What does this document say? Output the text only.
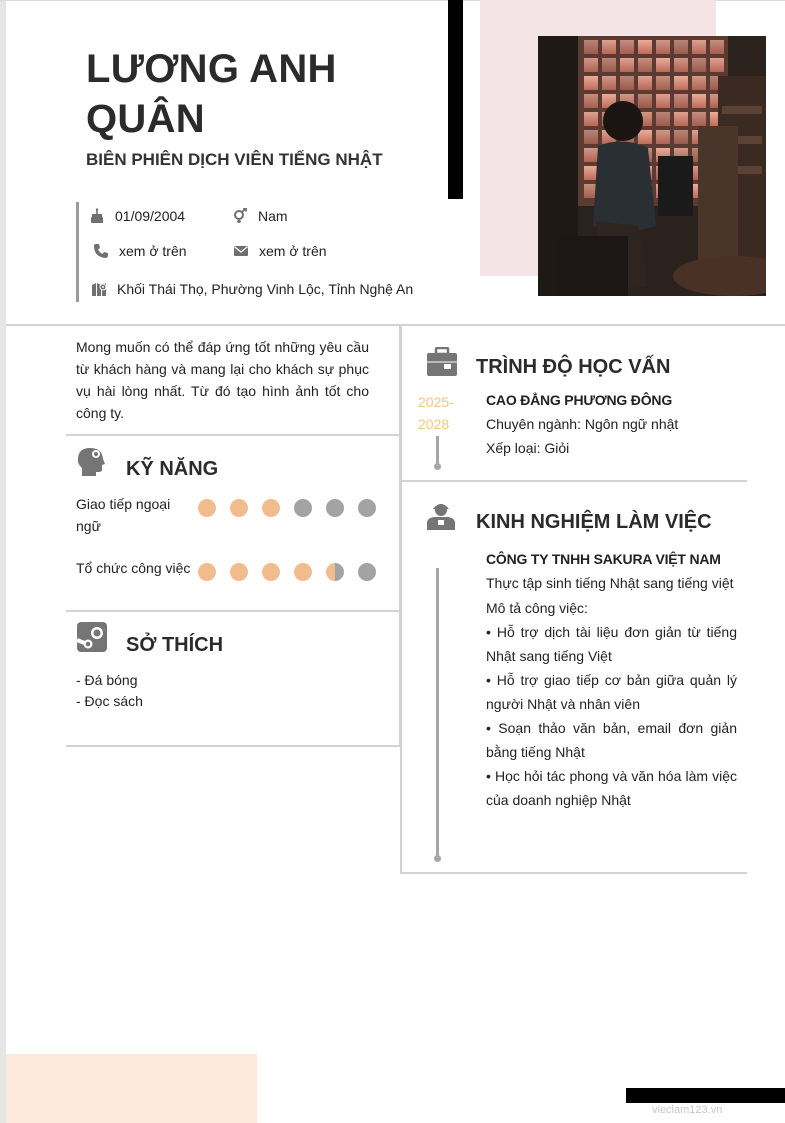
LƯƠNG ANH QUÂN
BIÊN PHIÊN DỊCH VIÊN TIẾNG NHẬT
01/09/2004	Nam
xem ở trên	xem ở trên
Khối Thái Thọ, Phường Vinh Lộc, Tỉnh Nghệ An
Mong muốn có thể đáp ứng tốt những yêu cầu từ khách hàng và mang lại cho khách sự phục vụ hài lòng nhất. Từ đó tạo hình ảnh tốt cho công ty.
KỸ NĂNG
Giao tiếp ngoại ngữ
Tổ chức công việc
SỞ THÍCH
- Đá bóng
- Đọc sách
TRÌNH ĐỘ HỌC VẤN
2025-
2028
CAO ĐẲNG PHƯƠNG ĐÔNG
Chuyên ngành: Ngôn ngữ nhật
Xếp loại: Giỏi
KINH NGHIỆM LÀM VIỆC
CÔNG TY TNHH SAKURA VIỆT NAM
Thực tập sinh tiếng Nhật sang tiếng việt
Mô tả công việc:
• Hỗ trợ dịch tài liệu đơn giản từ tiếng Nhật sang tiếng Việt
• Hỗ trợ giao tiếp cơ bản giữa quản lý người Nhật và nhân viên
• Soạn thảo văn bản, email đơn giản bằng tiếng Nhật
• Học hỏi tác phong và văn hóa làm việc của doanh nghiệp Nhật
vieclam123.vn
